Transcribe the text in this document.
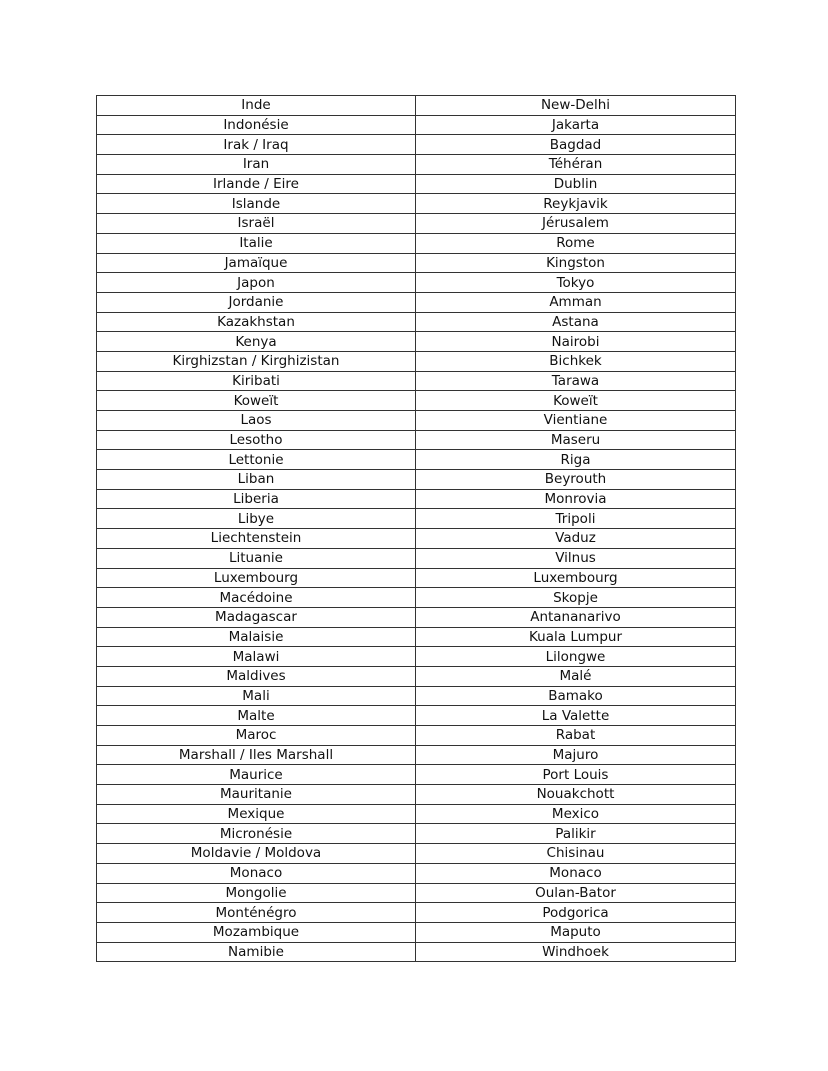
Inde	New-Delhi
Indonésie	Jakarta
Irak / Iraq	Bagdad
Iran	Téhéran
Irlande / Eire	Dublin
Islande	Reykjavik
Israël	Jérusalem
Italie	Rome
Jamaïque	Kingston
Japon	Tokyo
Jordanie	Amman
Kazakhstan	Astana
Kenya	Nairobi
Kirghizstan / Kirghizistan	Bichkek
Kiribati	Tarawa
Koweït	Koweït
Laos	Vientiane
Lesotho	Maseru
Lettonie	Riga
Liban	Beyrouth
Liberia	Monrovia
Libye	Tripoli
Liechtenstein	Vaduz
Lituanie	Vilnus
Luxembourg	Luxembourg
Macédoine	Skopje
Madagascar	Antananarivo
Malaisie	Kuala Lumpur
Malawi	Lilongwe
Maldives	Malé
Mali	Bamako
Malte	La Valette
Maroc	Rabat
Marshall / Iles Marshall	Majuro
Maurice	Port Louis
Mauritanie	Nouakchott
Mexique	Mexico
Micronésie	Palikir
Moldavie / Moldova	Chisinau
Monaco	Monaco
Mongolie	Oulan-Bator
Monténégro	Podgorica
Mozambique	Maputo
Namibie	Windhoek
